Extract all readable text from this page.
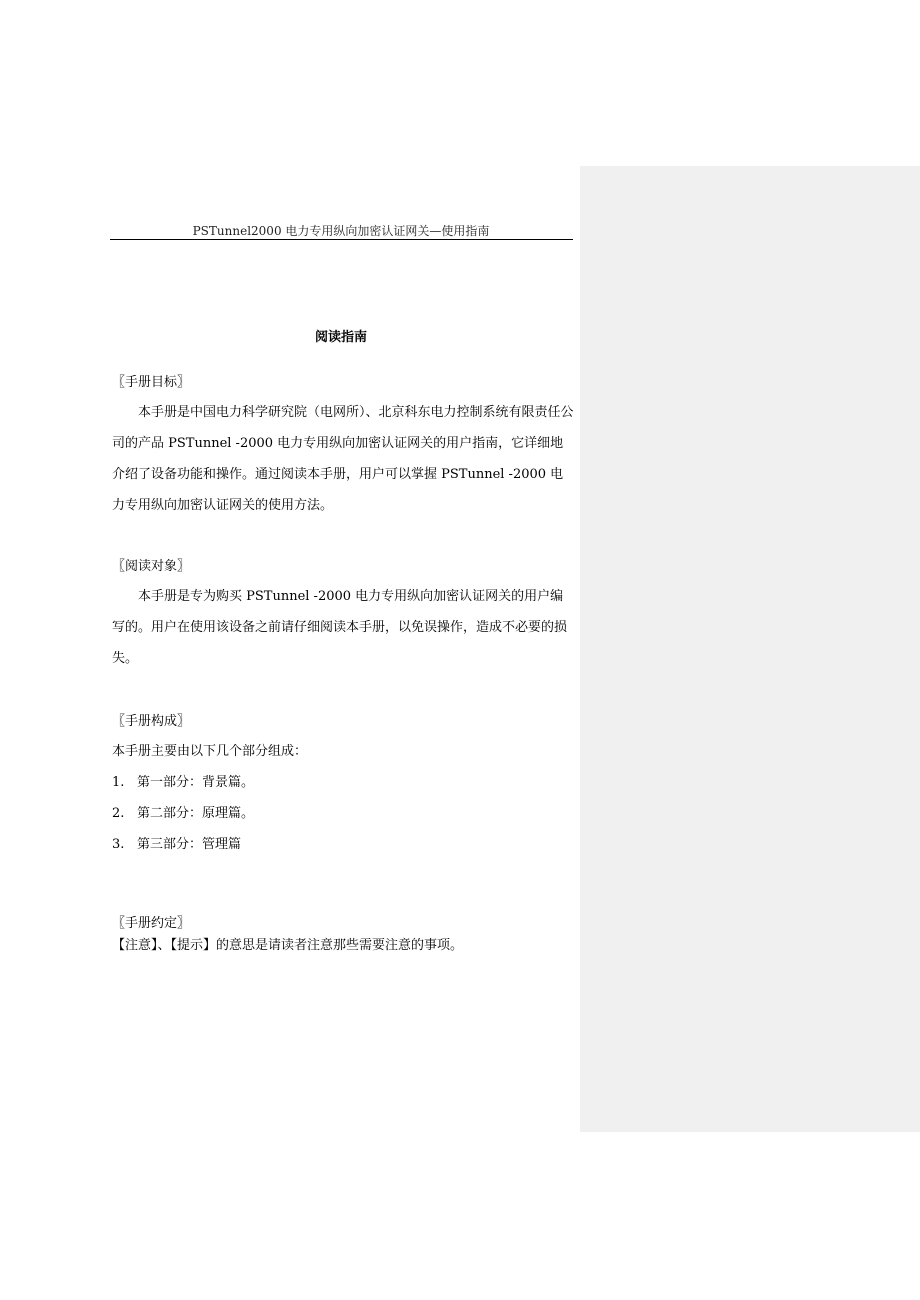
PSTunnel2000 电力专用纵向加密认证网关—使用指南
阅读指南
〖手册目标〗
本手册是中国电力科学研究院（电网所）、北京科东电力控制系统有限责任公司的产品 PSTunnel -2000 电力专用纵向加密认证网关的用户指南，它详细地介绍了设备功能和操作。通过阅读本手册，用户可以掌握 PSTunnel -2000 电力专用纵向加密认证网关的使用方法。
〖阅读对象〗
本手册是专为购买 PSTunnel -2000 电力专用纵向加密认证网关的用户编写的。用户在使用该设备之前请仔细阅读本手册，以免误操作，造成不必要的损失。
〖手册构成〗
本手册主要由以下几个部分组成：
1. 第一部分：背景篇。
2. 第二部分：原理篇。
3. 第三部分：管理篇
〖手册约定〗
【注意】、【提示】的意思是请读者注意那些需要注意的事项。
